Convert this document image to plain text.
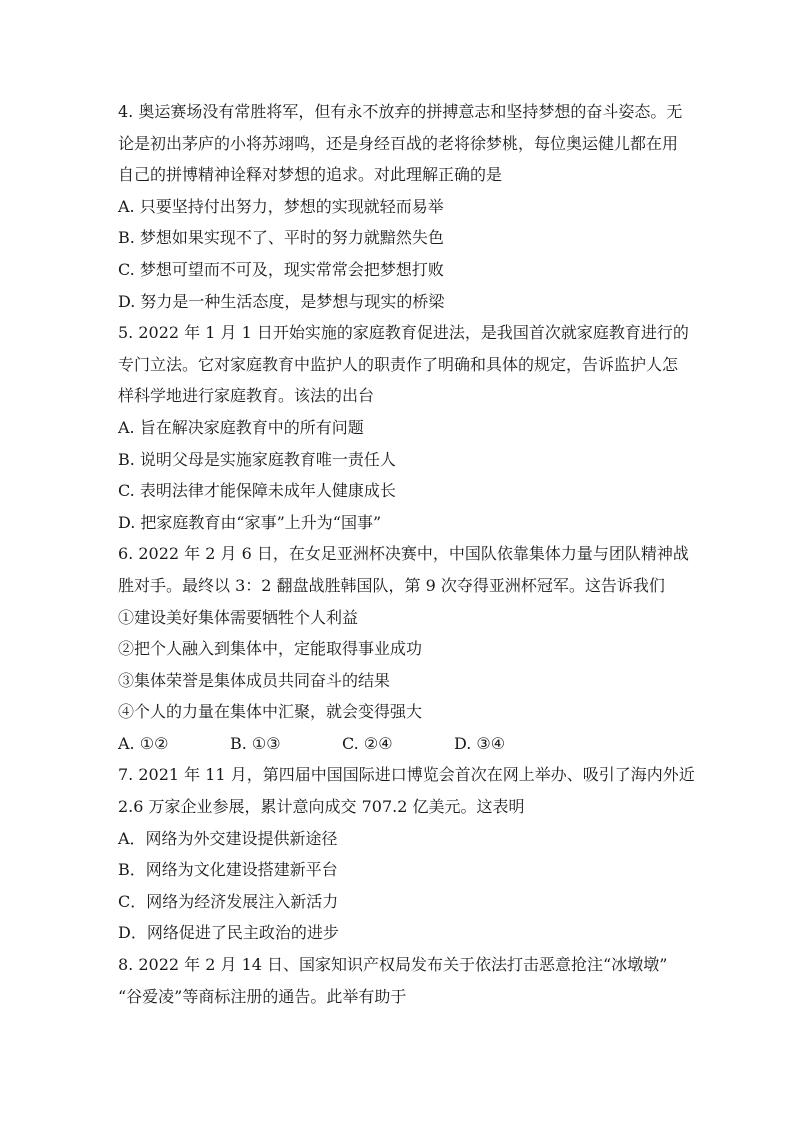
4. 奥运赛场没有常胜将军，但有永不放弃的拼搏意志和坚持梦想的奋斗姿态。无
论是初出茅庐的小将苏翊鸣，还是身经百战的老将徐梦桃，每位奥运健儿都在用
自己的拼博精神诠释对梦想的追求。对此理解正确的是
A. 只要坚持付出努力，梦想的实现就轻而易举
B. 梦想如果实现不了、平时的努力就黯然失色
C. 梦想可望而不可及，现实常常会把梦想打败
D. 努力是一种生活态度，是梦想与现实的桥梁
5. 2022 年 1 月 1 日开始实施的家庭教育促进法，是我国首次就家庭教育进行的
专门立法。它对家庭教育中监护人的职责作了明确和具体的规定，告诉监护人怎
样科学地进行家庭教育。该法的出台
A. 旨在解决家庭教育中的所有问题
B. 说明父母是实施家庭教育唯一责任人
C. 表明法律才能保障未成年人健康成长
D. 把家庭教育由“家事”上升为“国事”
6. 2022 年 2 月 6 日，在女足亚洲杯决赛中，中国队依靠集体力量与团队精神战
胜对手。最终以 3：2 翻盘战胜韩国队，第 9 次夺得亚洲杯冠军。这告诉我们
①建设美好集体需要牺牲个人利益
②把个人融入到集体中，定能取得事业成功
③集体荣誉是集体成员共同奋斗的结果
④个人的力量在集体中汇聚，就会变得强大
A. ①②	B. ①③	C. ②④	D. ③④
7. 2021 年 11 月，第四届中国国际进口博览会首次在网上举办、吸引了海内外近
2.6 万家企业参展，累计意向成交 707.2 亿美元。这表明
A．网络为外交建设提供新途径
B．网络为文化建设搭建新平台
C．网络为经济发展注入新活力
D．网络促进了民主政治的进步
8. 2022 年 2 月 14 日、国家知识产权局发布关于依法打击恶意抢注“冰墩墩”
“谷爱凌”等商标注册的通告。此举有助于
